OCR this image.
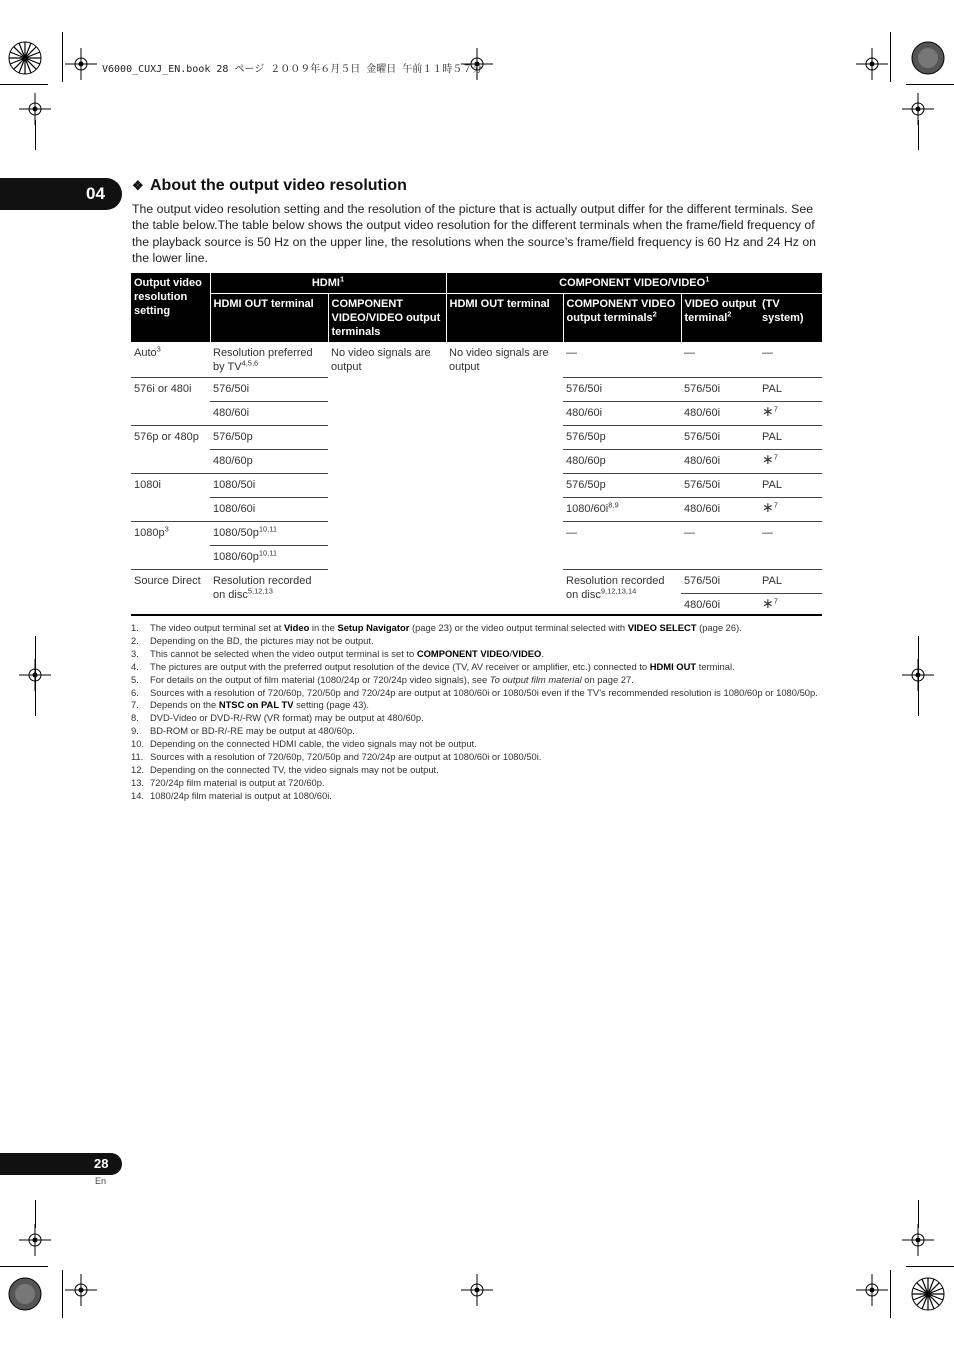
V6000_CUXJ_EN.book 28 ページ ２００９年６月５日 金曜日 午前１１時５７分
04 ❖ About the output video resolution
The output video resolution setting and the resolution of the picture that is actually output differ for the different terminals. See the table below.The table below shows the output video resolution for the different terminals when the frame/field frequency of the playback source is 50 Hz on the upper line, the resolutions when the source’s frame/field frequency is 60 Hz and 24 Hz on the lower line.
Output video resolution setting	HDMI$^1$		COMPONENT VIDEO/VIDEO$^1$
	HDMI OUT terminal	COMPONENT VIDEO/VIDEO output terminals	HDMI OUT terminal	COMPONENT VIDEO output terminals$^2$	VIDEO output terminal$^2$	(TV system)
Auto$^3$	Resolution preferred by TV$^{4,5,6}$	No video signals are output	No video signals are output	—	—	—
576i or 480i	576/50i			576/50i	576/50i	PAL
	480/60i			480/60i	480/60i	∗$^7$
576p or 480p	576/50p			576/50p	576/50i	PAL
	480/60p			480/60p	480/60i	∗$^7$
1080i	1080/50i			576/50p	576/50i	PAL
	1080/60i			$1080/60i^{8,9}$	480/60i	∗$^7$
$1080p^3$	$1080/50p^{10,11}$			—	—	—
	$1080/60p^{10,11}$
Source Direct	Resolution recorded on disc$^{5,12,13}$			Resolution recorded on disc$^{9,12,13,14}$	576/50i	PAL
					480/60i	∗$^7$
1. The video output terminal set at Video in the Setup Navigator (page 23) or the video output terminal selected with VIDEO SELECT (page 26).
2. Depending on the BD, the pictures may not be output.
3. This cannot be selected when the video output terminal is set to COMPONENT VIDEO/VIDEO.
4. The pictures are output with the preferred output resolution of the device (TV, AV receiver or amplifier, etc.) connected to HDMI OUT terminal.
5. For details on the output of film material (1080/24p or 720/24p video signals), see To output film material on page 27.
6. Sources with a resolution of 720/60p, 720/50p and 720/24p are output at 1080/60i or 1080/50i even if the TV’s recommended resolution is 1080/60p or 1080/50p.
7. Depends on the NTSC on PAL TV setting (page 43).
8. DVD-Video or DVD-R/-RW (VR format) may be output at 480/60p.
9. BD-ROM or BD-R/-RE may be output at 480/60p.
10. Depending on the connected HDMI cable, the video signals may not be output.
11. Sources with a resolution of 720/60p, 720/50p and 720/24p are output at 1080/60i or 1080/50i.
12. Depending on the connected TV, the video signals may not be output.
13. 720/24p film material is output at 720/60p.
14. 1080/24p film material is output at 1080/60i.
28
En
